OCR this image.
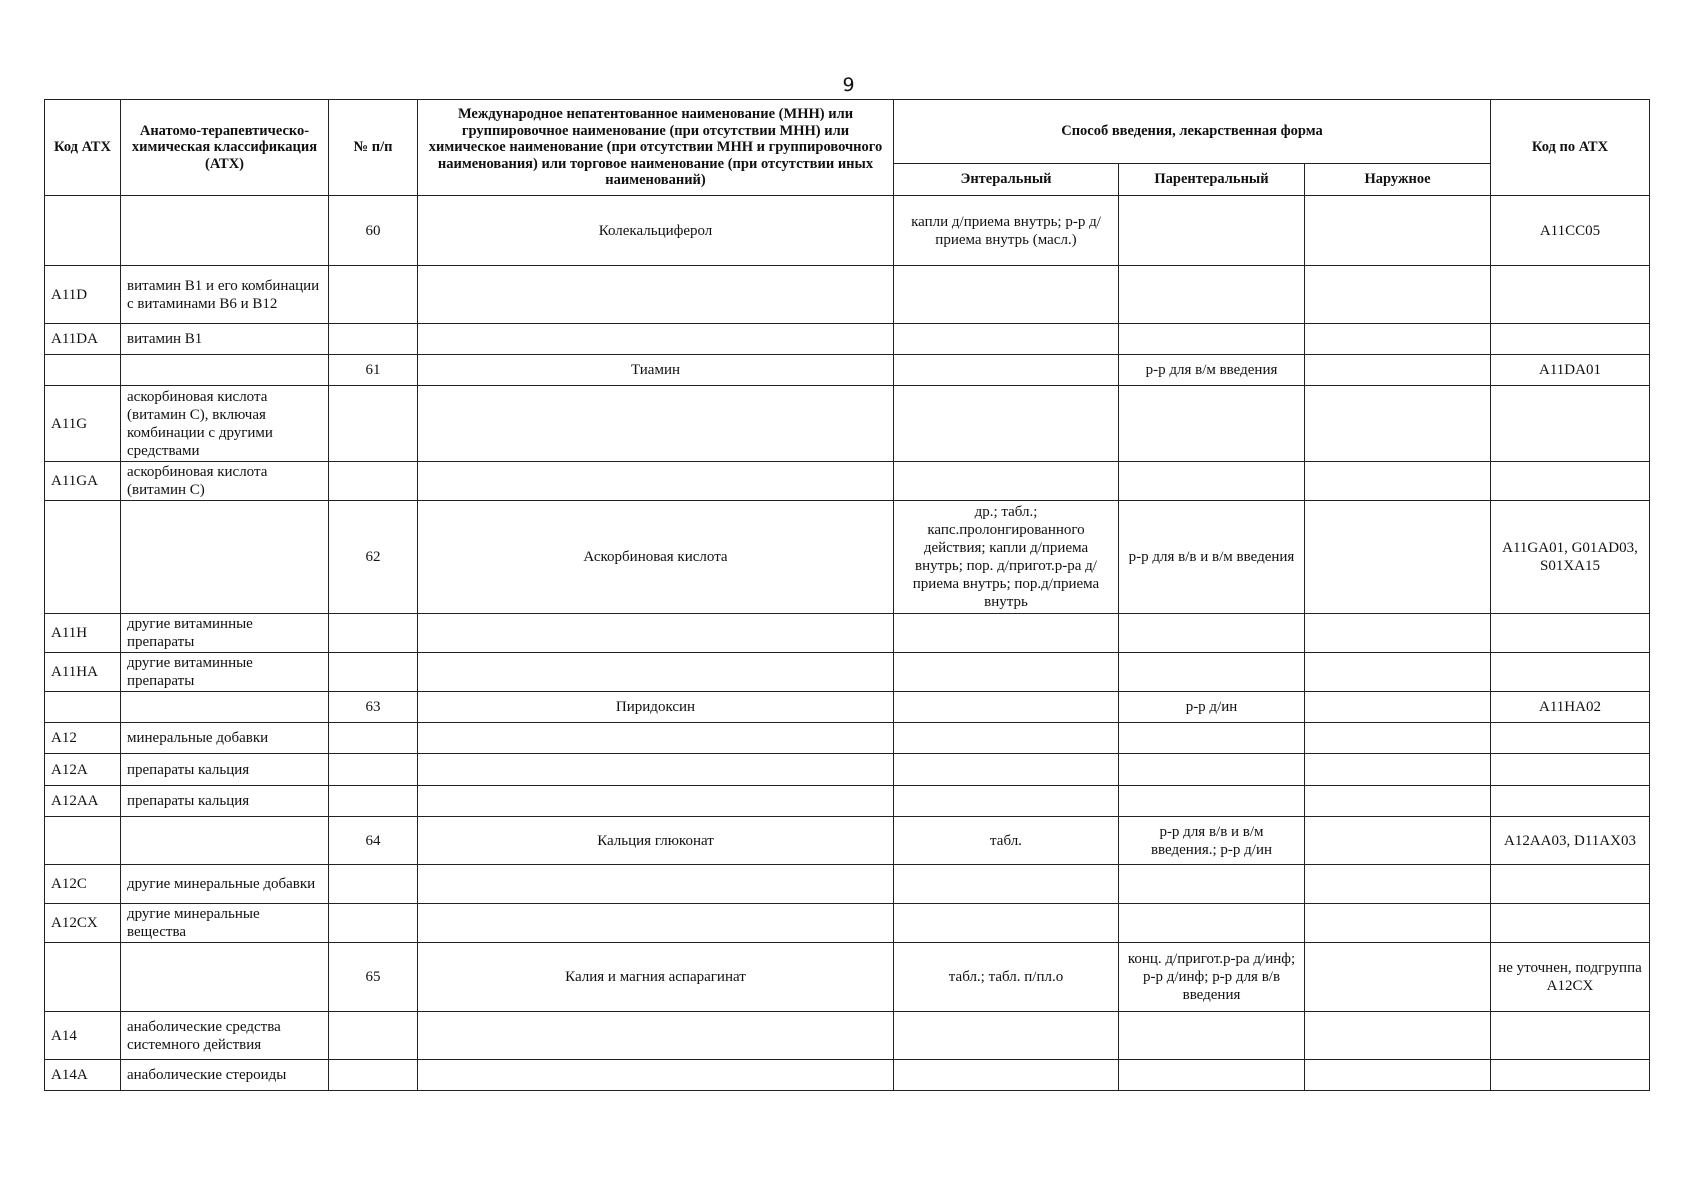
9
Код АТХ	Анатомо-терапевтическо-химическая классификация (АТХ)	№ п/п	Международное непатентованное наименование (МНН) или группировочное наименование (при отсутствии МНН) или химическое наименование (при отсутствии МНН и группировочного наименования) или торговое наименование (при отсутствии иных наименований)	Способ введения, лекарственная форма			Код по АТХ
				Энтеральный	Парентеральный	Наружное	
		60	Колекальциферол	капли д/приема внутрь; р-р д/приема внутрь (масл.)			A11CC05
A11D	витамин B1 и его комбинации с витаминами B6 и B12						
A11DA	витамин B1						
		61	Тиамин		р-р для в/м введения		A11DA01
A11G	аскорбиновая кислота (витамин С), включая комбинации с другими средствами						
A11GA	аскорбиновая кислота (витамин С)						
		62	Аскорбиновая кислота	др.; табл.; капс.пролонгированного действия; капли д/приема внутрь; пор. д/пригот.р-ра д/приема внутрь; пор.д/приема внутрь	р-р для в/в и в/м введения		A11GA01, G01AD03, S01XA15
A11H	другие витаминные препараты						
A11HA	другие витаминные препараты						
		63	Пиридоксин		р-р д/ин		A11HA02
A12	минеральные добавки						
A12A	препараты кальция						
A12AA	препараты кальция						
		64	Кальция глюконат	табл.	р-р для в/в и в/м введения.; р-р д/ин		A12AA03, D11AX03
A12C	другие минеральные добавки						
A12CX	другие минеральные вещества						
		65	Калия и магния аспарагинат	табл.; табл. п/пл.о	конц. д/пригот.р-ра д/инф; р-р д/инф; р-р для в/в введения		не уточнен, подгруппа A12CX
A14	анаболические средства системного действия						
A14A	анаболические стероиды						
